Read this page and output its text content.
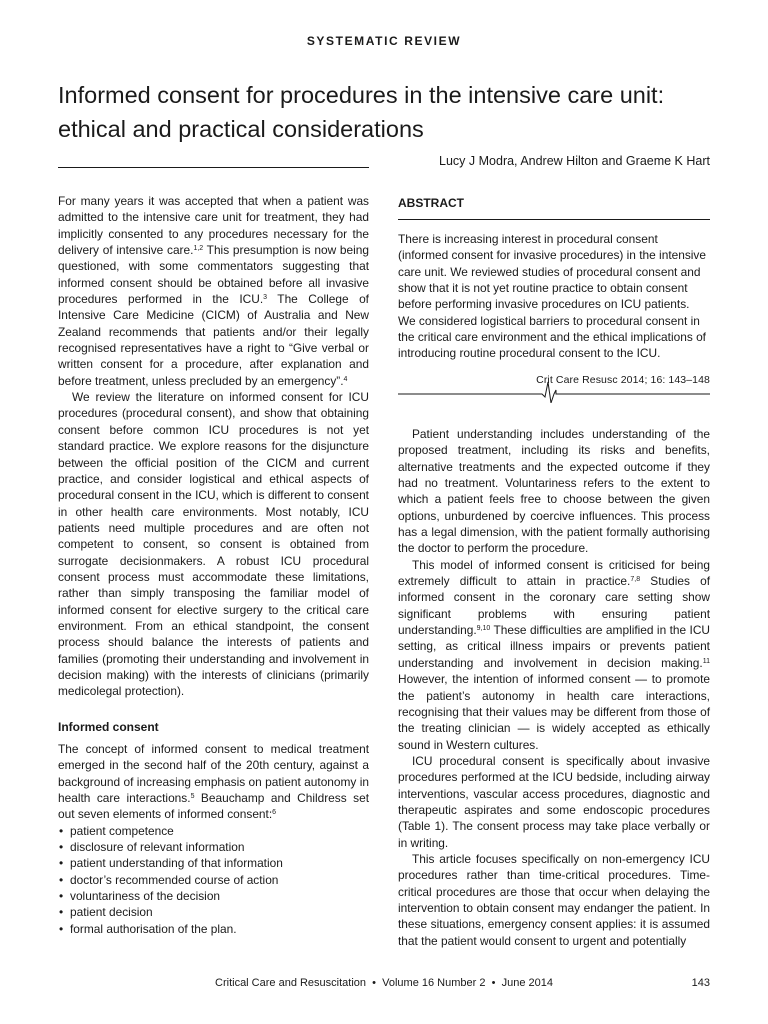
SYSTEMATIC REVIEW
Informed consent for procedures in the intensive care unit:
ethical and practical considerations
Lucy J Modra, Andrew Hilton and Graeme K Hart

For many years it was accepted that when a patient was admitted to the intensive care unit for treatment, they had implicitly consented to any procedures necessary for the delivery of intensive care.$^{1,2}$ This presumption is now being questioned, with some commentators suggesting that informed consent should be obtained before all invasive procedures performed in the ICU.$^3$ The College of Intensive Care Medicine (CICM) of Australia and New Zealand recommends that patients and/or their legally recognised representatives have a right to “Give verbal or written consent for a procedure, after explanation and before treatment, unless precluded by an emergency”.$^4$

We review the literature on informed consent for ICU procedures (procedural consent), and show that obtaining consent before common ICU procedures is not yet standard practice. We explore reasons for the disjuncture between the official position of the CICM and current practice, and consider logistical and ethical aspects of procedural consent in the ICU, which is different to consent in other health care environments. Most notably, ICU patients need multiple procedures and are often not competent to consent, so consent is obtained from surrogate decisionmakers. A robust ICU procedural consent process must accommodate these limitations, rather than simply transposing the familiar model of informed consent for elective surgery to the critical care environment. From an ethical standpoint, the consent process should balance the interests of patients and families (promoting their understanding and involvement in decision making) with the interests of clinicians (primarily medicolegal protection).

Informed consent

The concept of informed consent to medical treatment emerged in the second half of the 20th century, against a background of increasing emphasis on patient autonomy in health care interactions.$^5$ Beauchamp and Childress set out seven elements of informed consent:$^6$

• patient competence
• disclosure of relevant information
• patient understanding of that information
• doctor’s recommended course of action
• voluntariness of the decision
• patient decision
• formal authorisation of the plan.
ABSTRACT

There is increasing interest in procedural consent (informed consent for invasive procedures) in the intensive care unit. We reviewed studies of procedural consent and show that it is not yet routine practice to obtain consent before performing invasive procedures on ICU patients. We considered logistical barriers to procedural consent in the critical care environment and the ethical implications of introducing routine procedural consent to the ICU.

Crit Care Resusc 2014; 16: 143–148

Patient understanding includes understanding of the proposed treatment, including its risks and benefits, alternative treatments and the expected outcome if they had no treatment. Voluntariness refers to the extent to which a patient feels free to choose between the given options, unburdened by coercive influences. This process has a legal dimension, with the patient formally authorising the doctor to perform the procedure.

This model of informed consent is criticised for being extremely difficult to attain in practice.$^{7,8}$ Studies of informed consent in the coronary care setting show significant problems with ensuring patient understanding.$^{9,10}$ These difficulties are amplified in the ICU setting, as critical illness impairs or prevents patient understanding and involvement in decision making.$^{11}$ However, the intention of informed consent — to promote the patient’s autonomy in health care interactions, recognising that their values may be different from those of the treating clinician — is widely accepted as ethically sound in Western cultures.

ICU procedural consent is specifically about invasive procedures performed at the ICU bedside, including airway interventions, vascular access procedures, diagnostic and therapeutic aspirates and some endoscopic procedures (Table 1). The consent process may take place verbally or in writing.

This article focuses specifically on non-emergency ICU procedures rather than time-critical procedures. Time-critical procedures are those that occur when delaying the intervention to obtain consent may endanger the patient. In these situations, emergency consent applies: it is assumed that the patient would consent to urgent and potentially

Critical Care and Resuscitation • Volume 16 Number 2 • June 2014	143
